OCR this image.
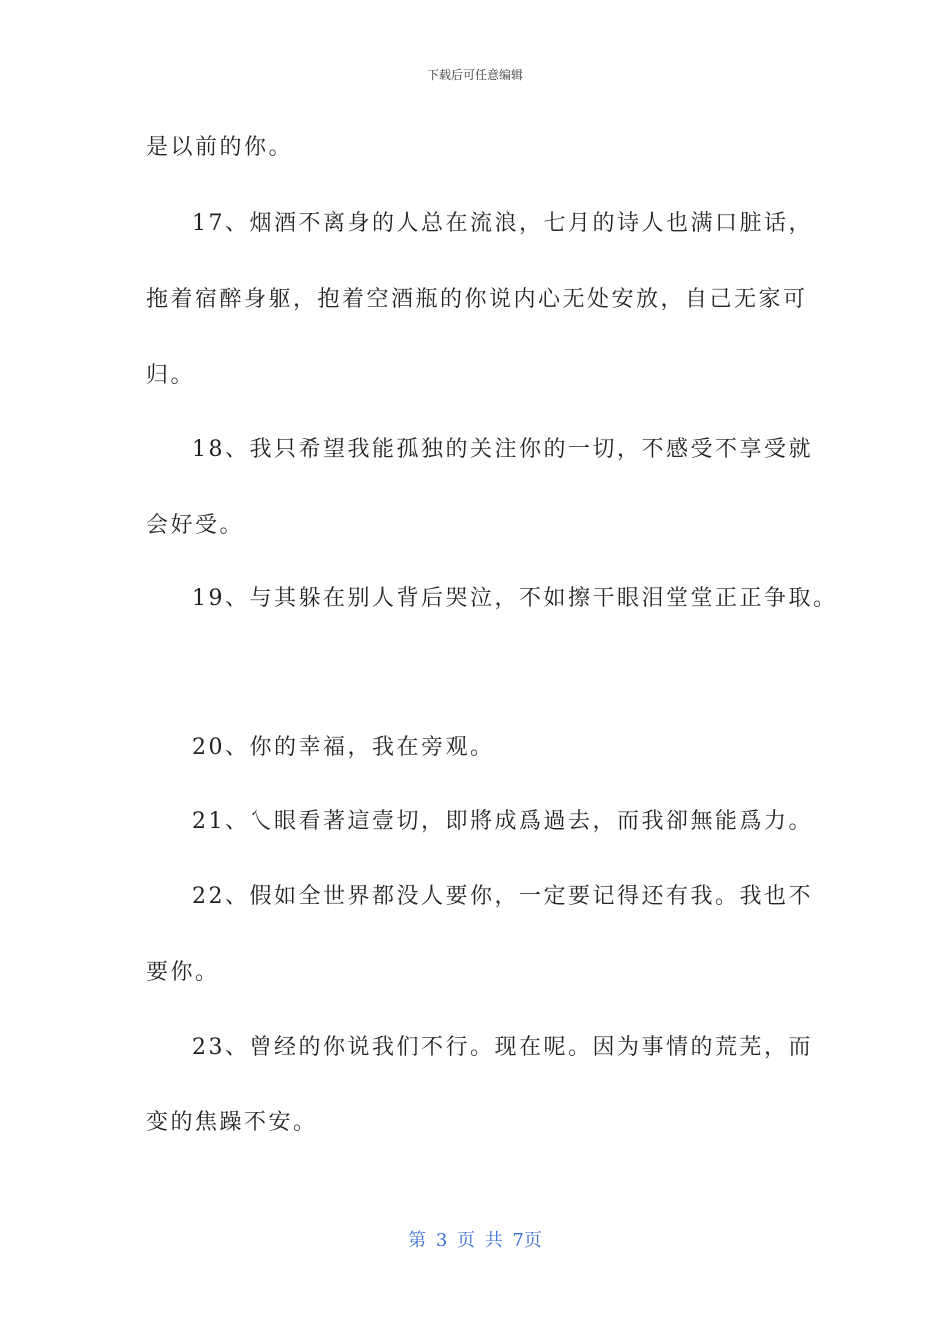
下载后可任意编辑
是以前的你。
17、烟酒不离身的人总在流浪，七月的诗人也满口脏话，
拖着宿醉身躯，抱着空酒瓶的你说内心无处安放，自己无家可
归。
18、我只希望我能孤独的关注你的一切，不感受不享受就
会好受。
19、与其躲在别人背后哭泣，不如擦干眼泪堂堂正正争取。
20、你的幸福，我在旁观。
21、乀眼看著這壹切，即將成爲過去，而我卻無能爲力。
22、假如全世界都没人要你，一定要记得还有我。我也不
要你。
23、曾经的你说我们不行。现在呢。因为事情的荒芜，而
变的焦躁不安。
第 3 页 共 7页
